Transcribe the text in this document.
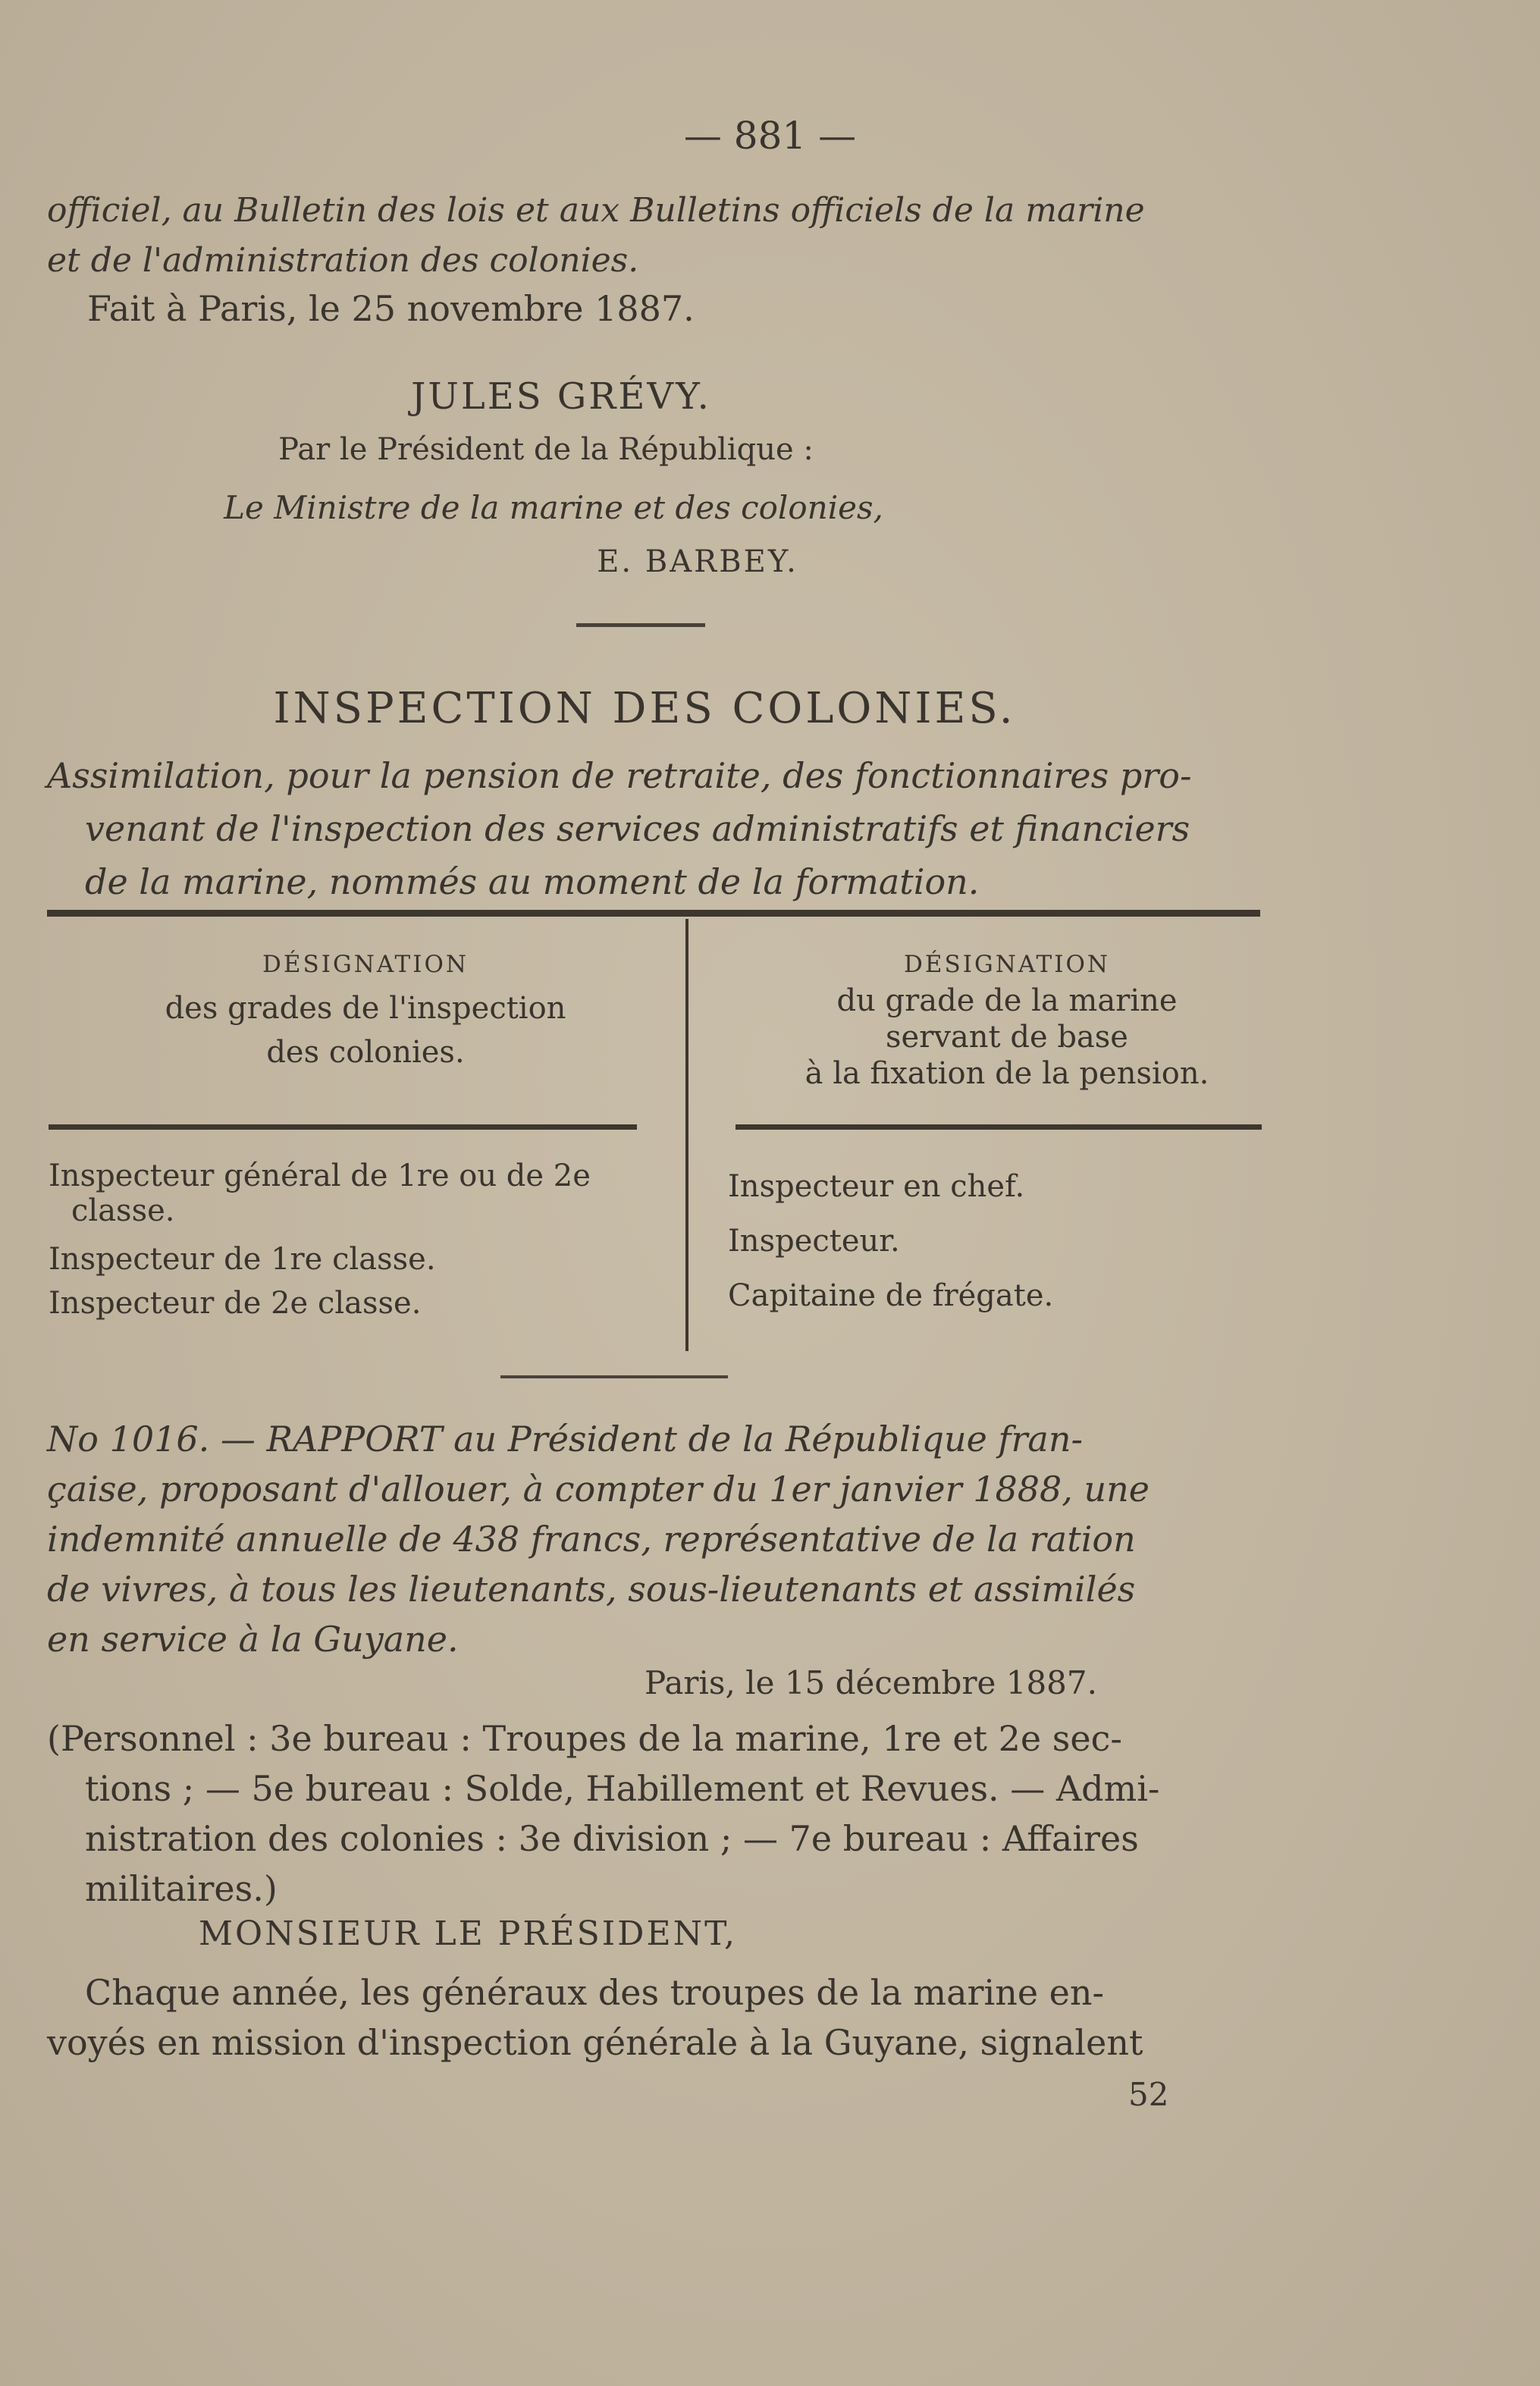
— 881 —
officiel, au Bulletin des lois et aux Bulletins officiels de la marine
et de l'administration des colonies.
Fait à Paris, le 25 novembre 1887.
JULES GRÉVY.
Par le Président de la République :
Le Ministre de la marine et des colonies,
E. BARBEY.
INSPECTION DES COLONIES.
Assimilation, pour la pension de retraite, des fonctionnaires pro-
venant de l'inspection des services administratifs et financiers
de la marine, nommés au moment de la formation.
DÉSIGNATION
des grades de l'inspection
des colonies.
DÉSIGNATION
du grade de la marine
servant de base
à la fixation de la pension.
Inspecteur général de 1re ou de 2e
classe.
Inspecteur de 1re classe.
Inspecteur de 2e classe.
Inspecteur en chef.
Inspecteur.
Capitaine de frégate.
No 1016. — RAPPORT au Président de la République fran-
çaise, proposant d'allouer, à compter du 1er janvier 1888, une
indemnité annuelle de 438 francs, représentative de la ration
de vivres, à tous les lieutenants, sous-lieutenants et assimilés
en service à la Guyane.
Paris, le 15 décembre 1887.
(Personnel : 3e bureau : Troupes de la marine, 1re et 2e sec-
tions ; — 5e bureau : Solde, Habillement et Revues. — Admi-
nistration des colonies : 3e division ; — 7e bureau : Affaires
militaires.)
MONSIEUR LE PRÉSIDENT,
Chaque année, les généraux des troupes de la marine en-
voyés en mission d'inspection générale à la Guyane, signalent
52
